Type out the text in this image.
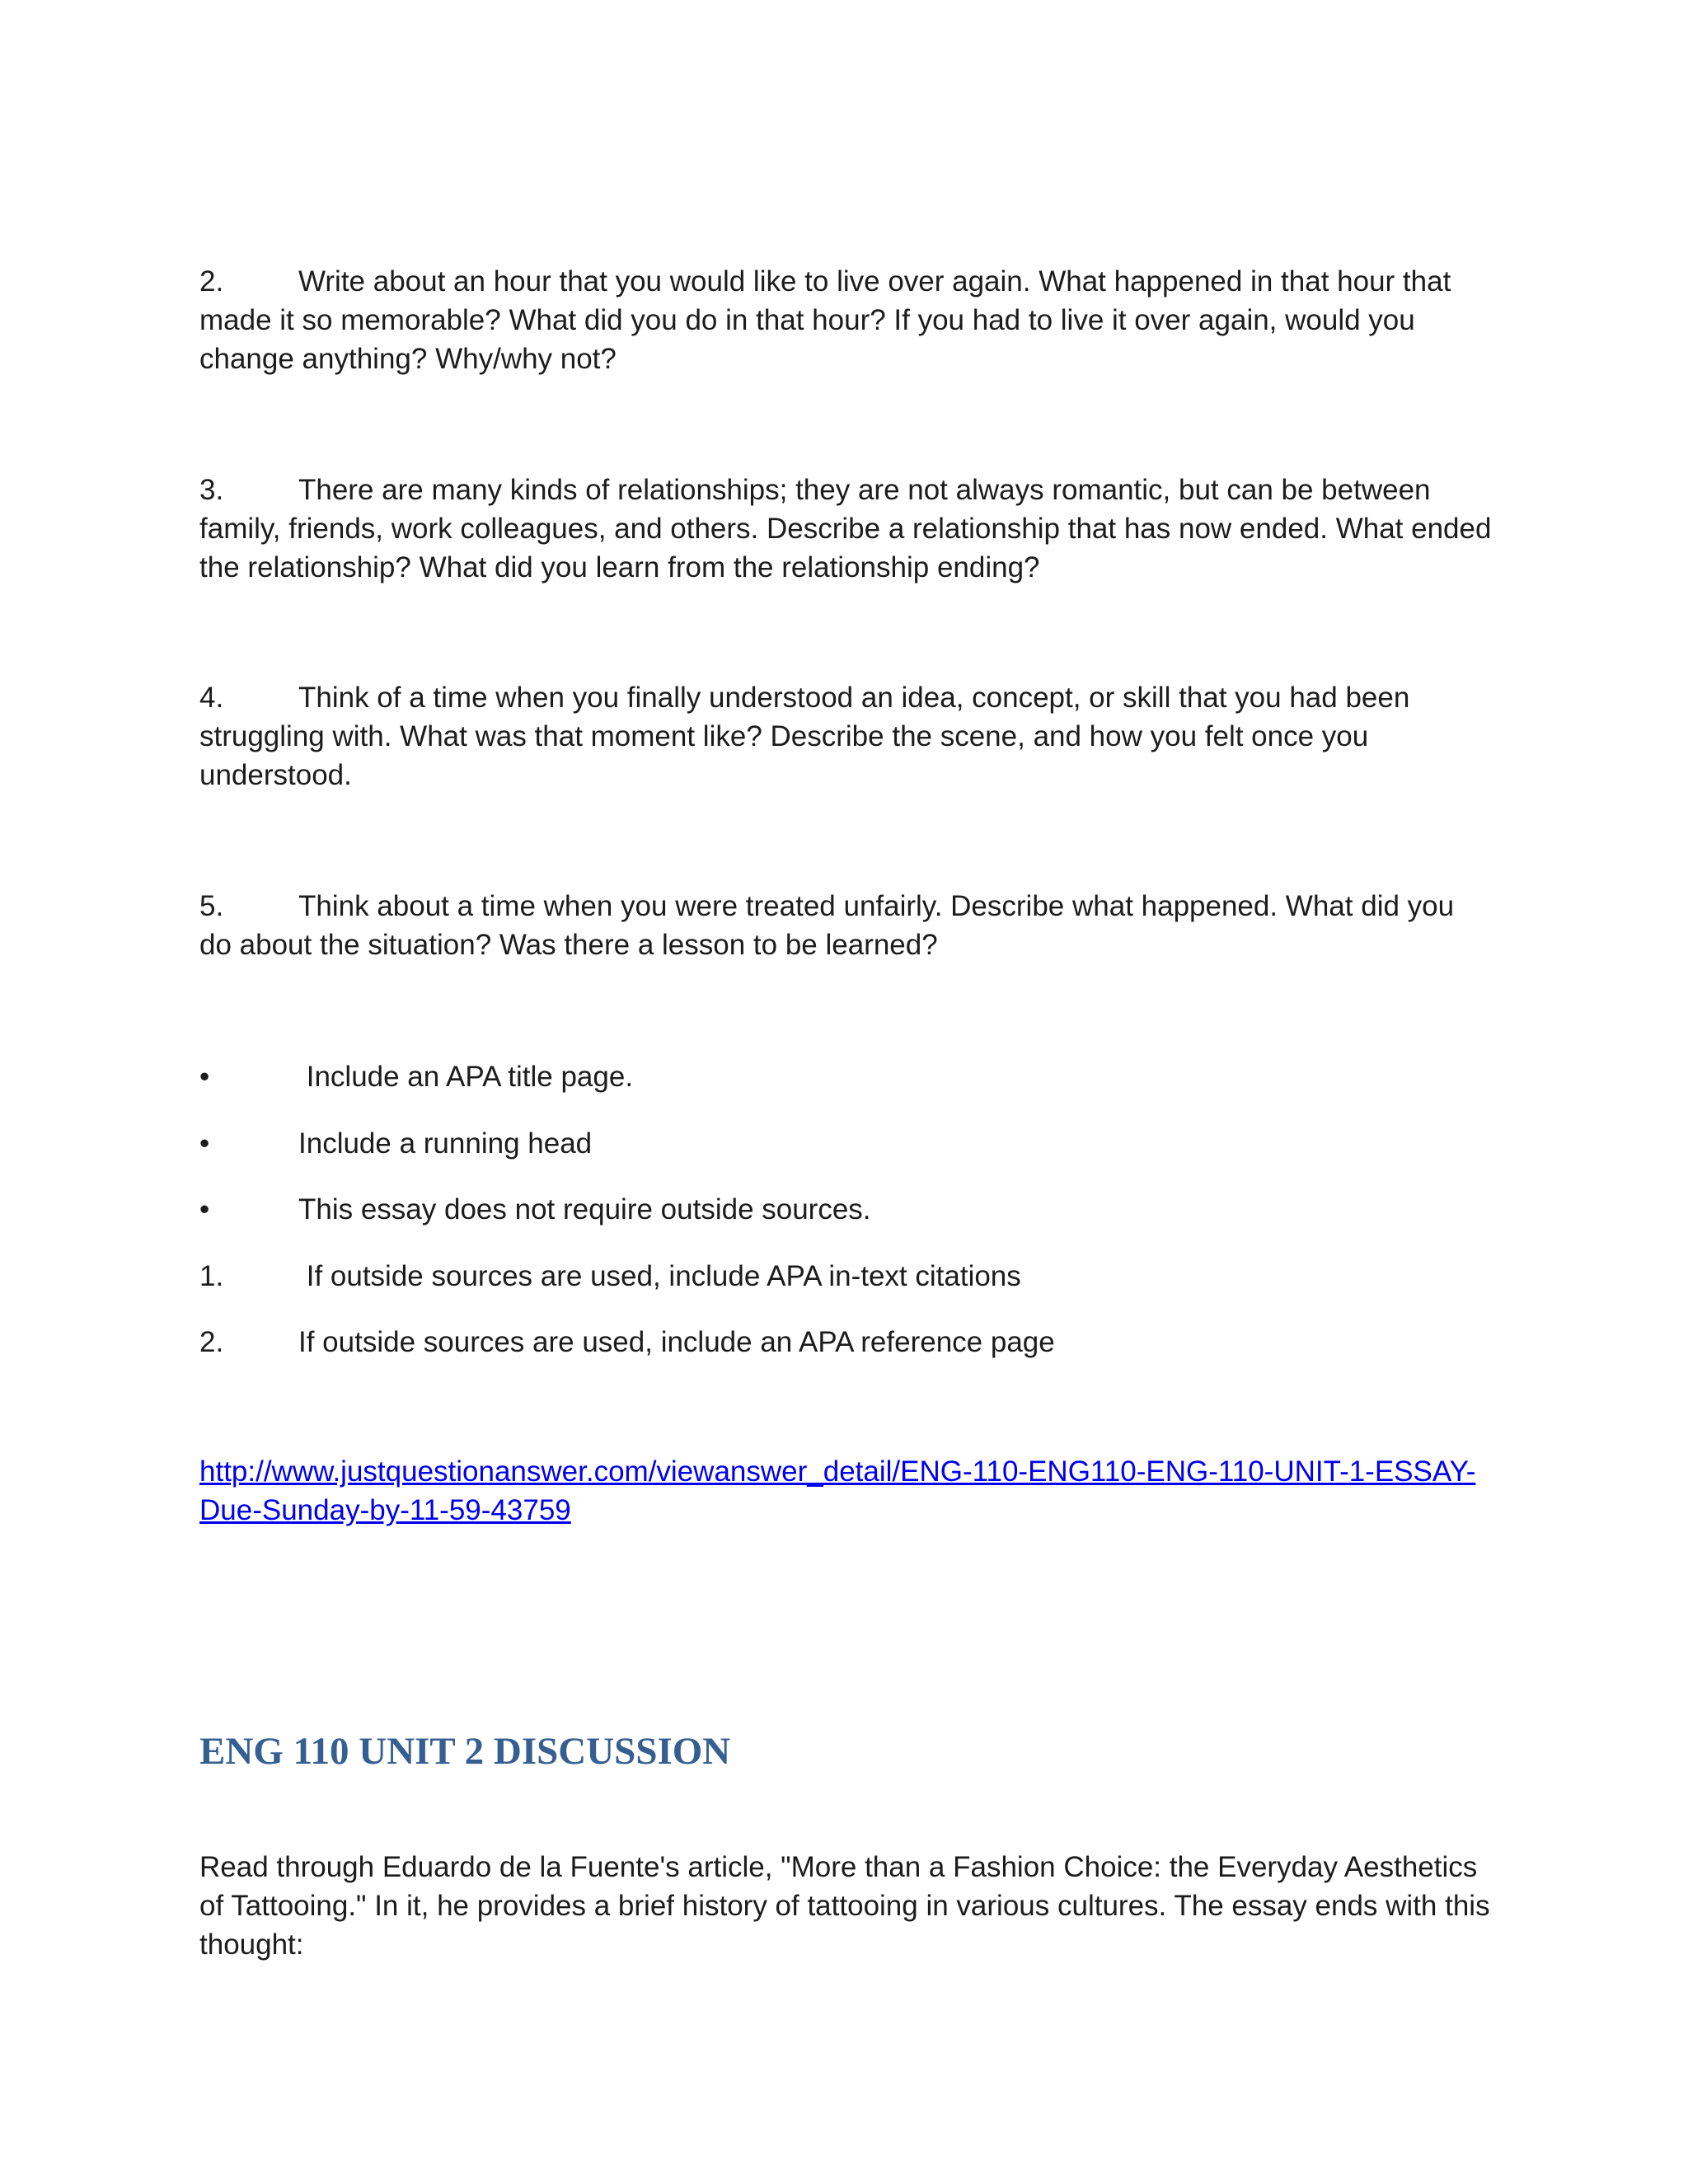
2.	Write about an hour that you would like to live over again. What happened in that hour that made it so memorable? What did you do in that hour? If you had to live it over again, would you change anything? Why/why not?

3.	There are many kinds of relationships; they are not always romantic, but can be between family, friends, work colleagues, and others. Describe a relationship that has now ended. What ended the relationship? What did you learn from the relationship ending?

4.	Think of a time when you finally understood an idea, concept, or skill that you had been struggling with. What was that moment like? Describe the scene, and how you felt once you understood.

5.	Think about a time when you were treated unfairly. Describe what happened. What did you do about the situation? Was there a lesson to be learned?

•	Include an APA title page.
•	Include a running head
•	This essay does not require outside sources.
1.	If outside sources are used, include APA in-text citations
2.	If outside sources are used, include an APA reference page
http://www.justquestionanswer.com/viewanswer_detail/ENG-110-ENG110-ENG-110-UNIT-1-ESSAY-Due-Sunday-by-11-59-43759
ENG 110 UNIT 2 DISCUSSION

Read through Eduardo de la Fuente's article, "More than a Fashion Choice: the Everyday Aesthetics of Tattooing." In it, he provides a brief history of tattooing in various cultures. The essay ends with this thought:
